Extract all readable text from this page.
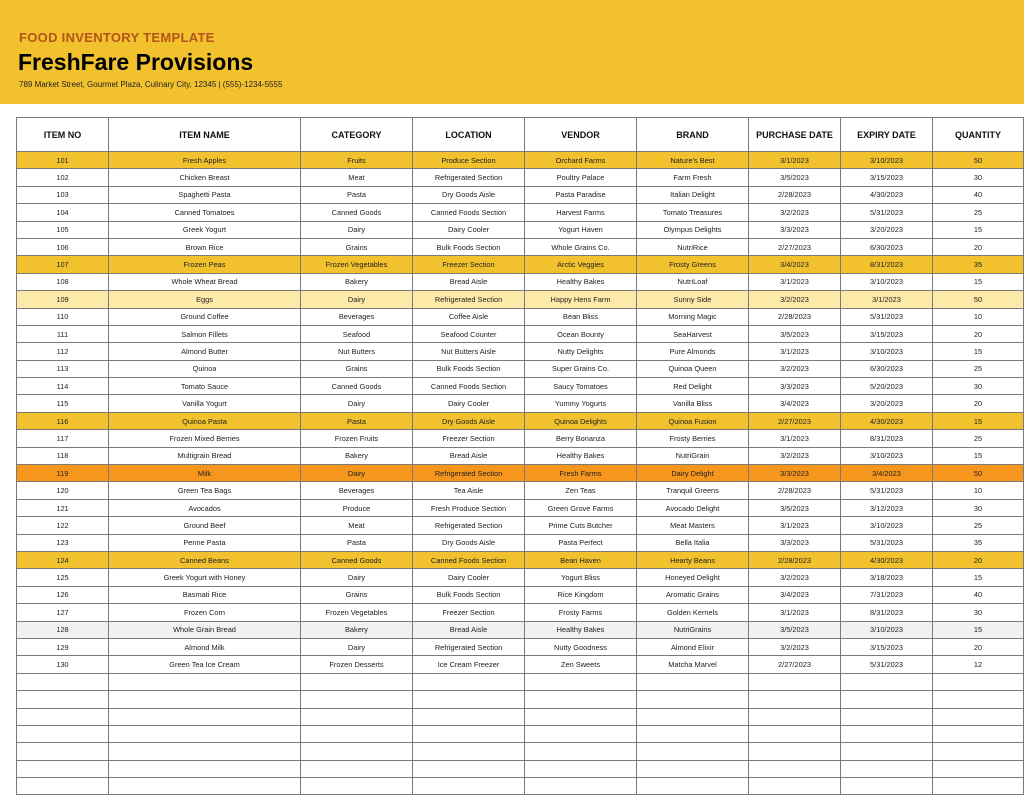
FOOD INVENTORY TEMPLATE
FreshFare Provisions
789 Market Street, Gourmet Plaza, Culinary City, 12345 | (555)-1234-5555
ITEM NO	ITEM NAME	CATEGORY	LOCATION	VENDOR	BRAND	PURCHASE DATE	EXPIRY DATE	QUANTITY
101	Fresh Apples	Fruits	Produce Section	Orchard Farms	Nature's Best	3/1/2023	3/10/2023	50
102	Chicken Breast	Meat	Refrigerated Section	Poultry Palace	Farm Fresh	3/5/2023	3/15/2023	30
103	Spaghetti Pasta	Pasta	Dry Goods Aisle	Pasta Paradise	Italian Delight	2/28/2023	4/30/2023	40
104	Canned Tomatoes	Canned Goods	Canned Foods Section	Harvest Farms	Tomato Treasures	3/2/2023	5/31/2023	25
105	Greek Yogurt	Dairy	Dairy Cooler	Yogurt Haven	Olympus Delights	3/3/2023	3/20/2023	15
106	Brown Rice	Grains	Bulk Foods Section	Whole Grains Co.	NutriRice	2/27/2023	6/30/2023	20
107	Frozen Peas	Frozen Vegetables	Freezer Section	Arctic Veggies	Frosty Greens	3/4/2023	8/31/2023	35
108	Whole Wheat Bread	Bakery	Bread Aisle	Healthy Bakes	NutriLoaf	3/1/2023	3/10/2023	15
109	Eggs	Dairy	Refrigerated Section	Happy Hens Farm	Sunny Side	3/2/2023	3/1/2023	50
110	Ground Coffee	Beverages	Coffee Aisle	Bean Bliss	Morning Magic	2/28/2023	5/31/2023	10
111	Salmon Fillets	Seafood	Seafood Counter	Ocean Bounty	SeaHarvest	3/5/2023	3/15/2023	20
112	Almond Butter	Nut Butters	Nut Butters Aisle	Nutty Delights	Pure Almonds	3/1/2023	3/10/2023	15
113	Quinoa	Grains	Bulk Foods Section	Super Grains Co.	Quinoa Queen	3/2/2023	6/30/2023	25
114	Tomato Sauce	Canned Goods	Canned Foods Section	Saucy Tomatoes	Red Delight	3/3/2023	5/20/2023	30
115	Vanilla Yogurt	Dairy	Dairy Cooler	Yummy Yogurts	Vanilla Bliss	3/4/2023	3/20/2023	20
116	Quinoa Pasta	Pasta	Dry Goods Aisle	Quinoa Delights	Quinoa Fusion	2/27/2023	4/30/2023	15
117	Frozen Mixed Berries	Frozen Fruits	Freezer Section	Berry Bonanza	Frosty Berries	3/1/2023	8/31/2023	25
118	Multigrain Bread	Bakery	Bread Aisle	Healthy Bakes	NutriGrain	3/2/2023	3/10/2023	15
119	Milk	Dairy	Refrigerated Section	Fresh Farms	Dairy Delight	3/3/2023	3/4/2023	50
120	Green Tea Bags	Beverages	Tea Aisle	Zen Teas	Tranquil Greens	2/28/2023	5/31/2023	10
121	Avocados	Produce	Fresh Produce Section	Green Grove Farms	Avocado Delight	3/5/2023	3/12/2023	30
122	Ground Beef	Meat	Refrigerated Section	Prime Cuts Butcher	Meat Masters	3/1/2023	3/10/2023	25
123	Penne Pasta	Pasta	Dry Goods Aisle	Pasta Perfect	Bella Italia	3/3/2023	5/31/2023	35
124	Canned Beans	Canned Goods	Canned Foods Section	Bean Haven	Hearty Beans	2/28/2023	4/30/2023	20
125	Greek Yogurt with Honey	Dairy	Dairy Cooler	Yogurt Bliss	Honeyed Delight	3/2/2023	3/18/2023	15
126	Basmati Rice	Grains	Bulk Foods Section	Rice Kingdom	Aromatic Grains	3/4/2023	7/31/2023	40
127	Frozen Corn	Frozen Vegetables	Freezer Section	Frosty Farms	Golden Kernels	3/1/2023	8/31/2023	30
128	Whole Grain Bread	Bakery	Bread Aisle	Healthy Bakes	NutriGrains	3/5/2023	3/10/2023	15
129	Almond Milk	Dairy	Refrigerated Section	Nutty Goodness	Almond Elixir	3/2/2023	3/15/2023	20
130	Green Tea Ice Cream	Frozen Desserts	Ice Cream Freezer	Zen Sweets	Matcha Marvel	2/27/2023	5/31/2023	12
